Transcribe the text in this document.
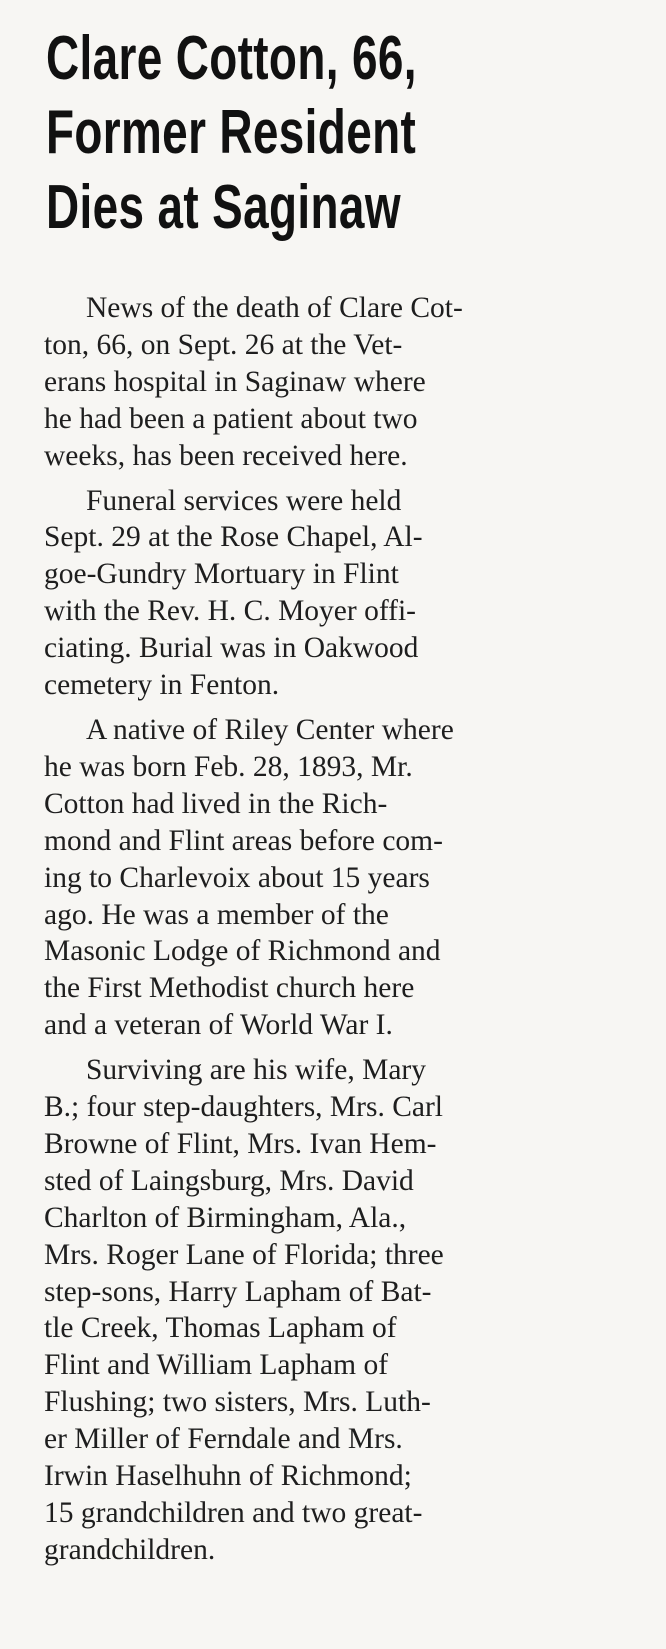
Clare Cotton, 66,
Former Resident
Dies at Saginaw

News of the death of Clare Cot-
ton, 66, on Sept. 26 at the Vet-
erans hospital in Saginaw where
he had been a patient about two
weeks, has been received here.

Funeral services were held
Sept. 29 at the Rose Chapel, Al-
goe-Gundry Mortuary in Flint
with the Rev. H. C. Moyer offi-
ciating. Burial was in Oakwood
cemetery in Fenton.

A native of Riley Center where
he was born Feb. 28, 1893, Mr.
Cotton had lived in the Rich-
mond and Flint areas before com-
ing to Charlevoix about 15 years
ago. He was a member of the
Masonic Lodge of Richmond and
the First Methodist church here
and a veteran of World War I.

Surviving are his wife, Mary
B.; four step-daughters, Mrs. Carl
Browne of Flint, Mrs. Ivan Hem-
sted of Laingsburg, Mrs. David
Charlton of Birmingham, Ala.,
Mrs. Roger Lane of Florida; three
step-sons, Harry Lapham of Bat-
tle Creek, Thomas Lapham of
Flint and William Lapham of
Flushing; two sisters, Mrs. Luth-
er Miller of Ferndale and Mrs.
Irwin Haselhuhn of Richmond;
15 grandchildren and two great-
grandchildren.
